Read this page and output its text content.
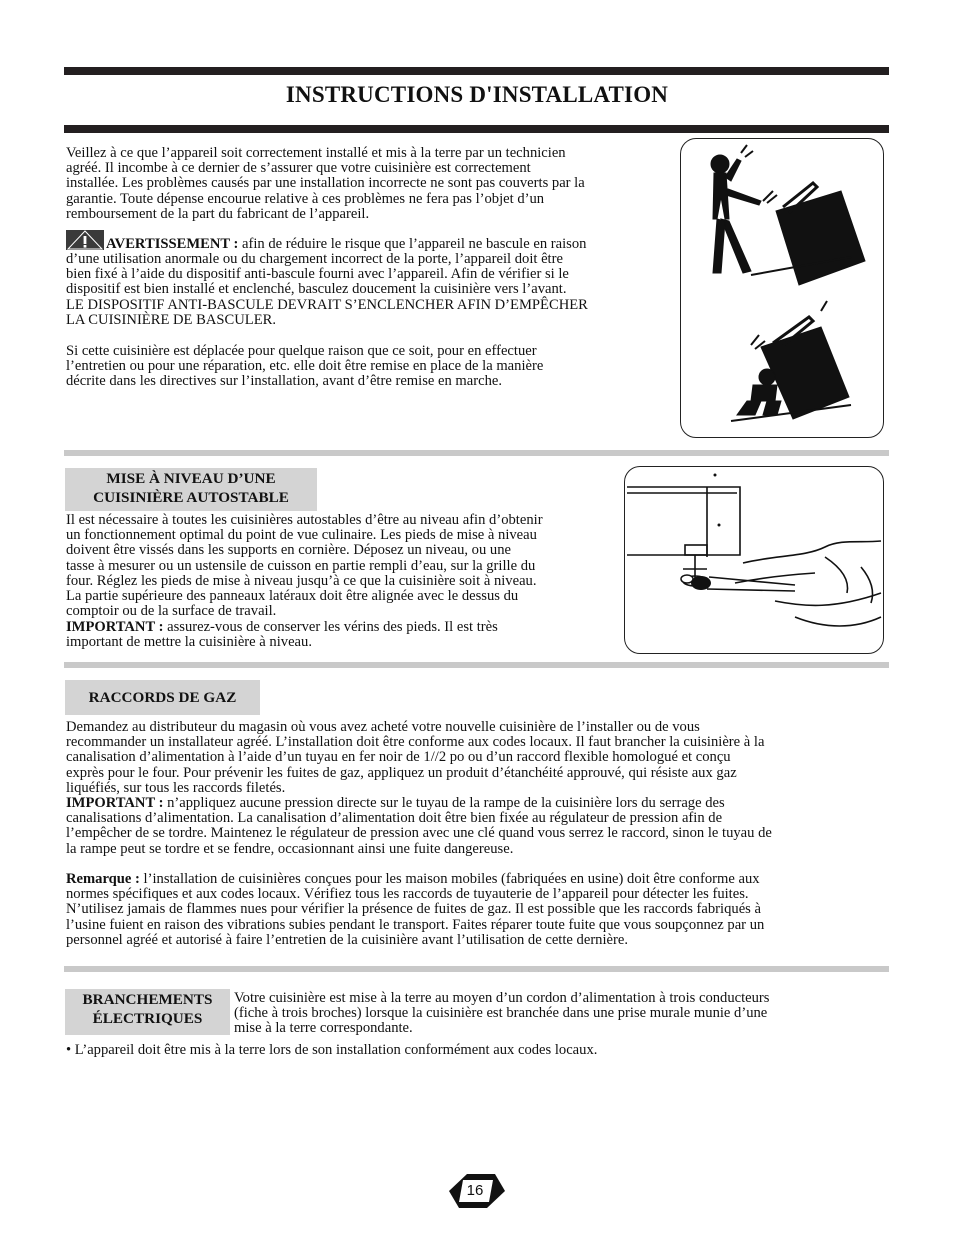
INSTRUCTIONS D'INSTALLATION
Veillez à ce que l’appareil soit correctement installé et mis à la terre par un technicien
agréé. Il incombe à ce dernier de s’assurer que votre cuisinière est correctement
installée. Les problèmes causés par une installation incorrecte ne sont pas couverts par la
garantie. Toute dépense encourue relative à ces problèmes ne fera pas l’objet d’un
remboursement de la part du fabricant de l’appareil.
AVERTISSEMENT : afin de réduire le risque que l’appareil ne bascule en raison
d’une utilisation anormale ou du chargement incorrect de la porte, l’appareil doit être
bien fixé à l’aide du dispositif anti-bascule fourni avec l’appareil. Afin de vérifier si le
dispositif est bien installé et enclenché, basculez doucement la cuisinière vers l’avant.
LE DISPOSITIF ANTI-BASCULE DEVRAIT S’ENCLENCHER AFIN D’EMPÊCHER
LA CUISINIÈRE DE BASCULER.
Si cette cuisinière est déplacée pour quelque raison que ce soit, pour en effectuer
l’entretien ou pour une réparation, etc. elle doit être remise en place de la manière
décrite dans les directives sur l’installation, avant d’être remise en marche.
MISE À NIVEAU D’UNE
CUISINIÈRE AUTOSTABLE
Il est nécessaire à toutes les cuisinières autostables d’être au niveau afin d’obtenir
un fonctionnement optimal du point de vue culinaire. Les pieds de mise à niveau
doivent être vissés dans les supports en cornière. Déposez un niveau, ou une
tasse à mesurer ou un ustensile de cuisson en partie rempli d’eau, sur la grille du
four. Réglez les pieds de mise à niveau jusqu’à ce que la cuisinière soit à niveau.
La partie supérieure des panneaux latéraux doit être alignée avec le dessus du
comptoir ou de la surface de travail.
IMPORTANT : assurez-vous de conserver les vérins des pieds. Il est très
important de mettre la cuisinière à niveau.
RACCORDS DE GAZ
Demandez au distributeur du magasin où vous avez acheté votre nouvelle cuisinière de l’installer ou de vous
recommander un installateur agréé. L’installation doit être conforme aux codes locaux. Il faut brancher la cuisinière à la
canalisation d’alimentation à l’aide d’un tuyau en fer noir de 1//2 po ou d’un raccord flexible homologué et conçu
exprès pour le four. Pour prévenir les fuites de gaz, appliquez un produit d’étanchéité approuvé, qui résiste aux gaz
liquéfiés, sur tous les raccords filetés.
IMPORTANT : n’appliquez aucune pression directe sur le tuyau de la rampe de la cuisinière lors du serrage des
canalisations d’alimentation. La canalisation d’alimentation doit être bien fixée au régulateur de pression afin de
l’empêcher de se tordre. Maintenez le régulateur de pression avec une clé quand vous serrez le raccord, sinon le tuyau de
la rampe peut se tordre et se fendre, occasionnant ainsi une fuite dangereuse.
Remarque : l’installation de cuisinières conçues pour les maison mobiles (fabriquées en usine) doit être conforme aux
normes spécifiques et aux codes locaux. Vérifiez tous les raccords de tuyauterie de l’appareil pour détecter les fuites.
N’utilisez jamais de flammes nues pour vérifier la présence de fuites de gaz. Il est possible que les raccords fabriqués à
l’usine fuient en raison des vibrations subies pendant le transport. Faites réparer toute fuite que vous soupçonnez par un
personnel agréé et autorisé à faire l’entretien de la cuisinière avant l’utilisation de cette dernière.
BRANCHEMENTS
ÉLECTRIQUES
Votre cuisinière est mise à la terre au moyen d’un cordon d’alimentation à trois conducteurs
(fiche à trois broches) lorsque la cuisinière est branchée dans une prise murale munie d’une
mise à la terre correspondante.
• L’appareil doit être mis à la terre lors de son installation conformément aux codes locaux.
16
